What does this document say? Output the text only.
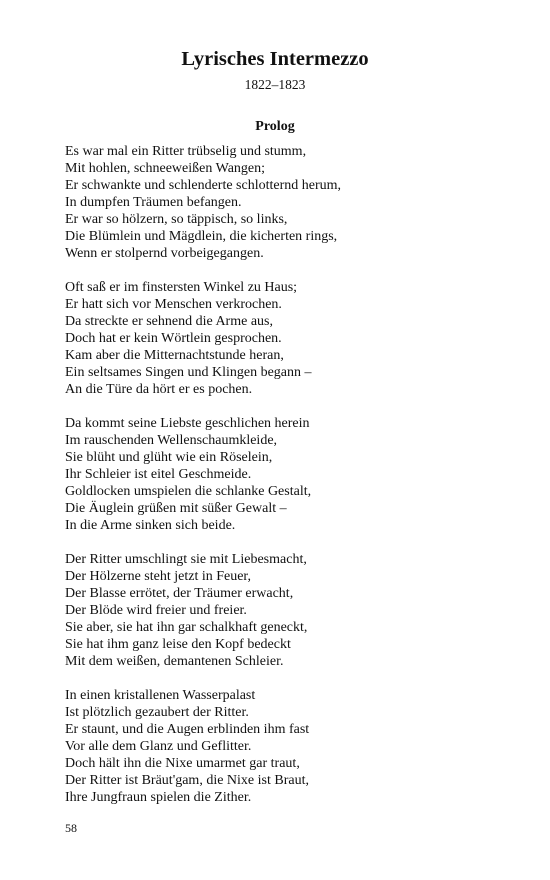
Lyrisches Intermezzo
1822–1823
Prolog
Es war mal ein Ritter trübselig und stumm,
Mit hohlen, schneeweißen Wangen;
Er schwankte und schlenderte schlotternd herum,
In dumpfen Träumen befangen.
Er war so hölzern, so täppisch, so links,
Die Blümlein und Mägdlein, die kicherten rings,
Wenn er stolpernd vorbeigegangen.
Oft saß er im finstersten Winkel zu Haus;
Er hatt sich vor Menschen verkrochen.
Da streckte er sehnend die Arme aus,
Doch hat er kein Wörtlein gesprochen.
Kam aber die Mitternachtstunde heran,
Ein seltsames Singen und Klingen begann –
An die Türe da hört er es pochen.
Da kommt seine Liebste geschlichen herein
Im rauschenden Wellenschaumkleide,
Sie blüht und glüht wie ein Röselein,
Ihr Schleier ist eitel Geschmeide.
Goldlocken umspielen die schlanke Gestalt,
Die Äuglein grüßen mit süßer Gewalt –
In die Arme sinken sich beide.
Der Ritter umschlingt sie mit Liebesmacht,
Der Hölzerne steht jetzt in Feuer,
Der Blasse errötet, der Träumer erwacht,
Der Blöde wird freier und freier.
Sie aber, sie hat ihn gar schalkhaft geneckt,
Sie hat ihm ganz leise den Kopf bedeckt
Mit dem weißen, demantenen Schleier.
In einen kristallenen Wasserpalast
Ist plötzlich gezaubert der Ritter.
Er staunt, und die Augen erblinden ihm fast
Vor alle dem Glanz und Geflitter.
Doch hält ihn die Nixe umarmet gar traut,
Der Ritter ist Bräut'gam, die Nixe ist Braut,
Ihre Jungfraun spielen die Zither.
58
